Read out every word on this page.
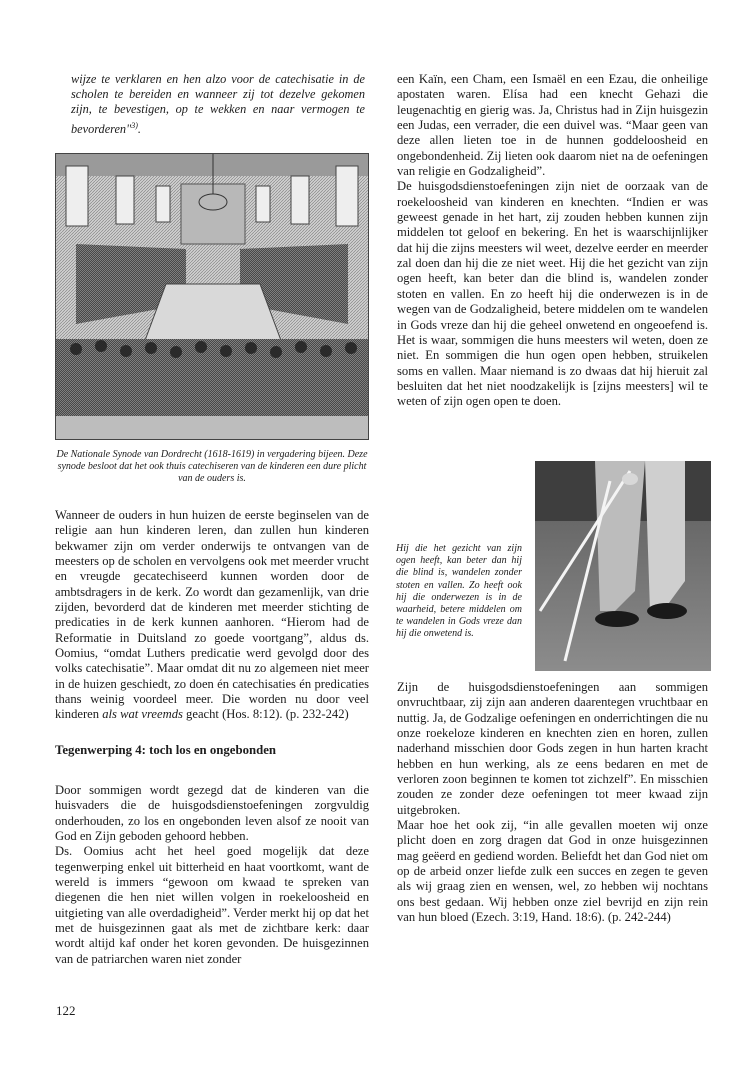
wijze te verklaren en hen alzo voor de catechisatie in de scholen te bereiden en wanneer zij tot dezelve gekomen zijn, te bevestigen, op te wekken en naar vermogen te bevorderen"$^{3)}$.

De Nationale Synode van Dordrecht (1618-1619) in vergadering bijeen. Deze synode besloot dat het ook thuis catechiseren van de kinderen een dure plicht van de ouders is.

Wanneer de ouders in hun huizen de eerste beginselen van de religie aan hun kinderen leren, dan zullen hun kinderen bekwamer zijn om verder onderwijs te ontvangen van de meesters op de scholen en vervolgens ook met meerder vrucht en vreugde gecatechiseerd kunnen worden door de ambtsdragers in de kerk. Zo wordt dan gezamenlijk, van drie zijden, bevorderd dat de kinderen met meerder stichting de predicaties in de kerk kunnen aanhoren. “Hierom had de Reformatie in Duitsland zo goede voortgang”, aldus ds. Oomius, “omdat Luthers predicatie werd gevolgd door des volks catechisatie”. Maar omdat dit nu zo algemeen niet meer in de huizen geschiedt, zo doen én catechisaties én predicaties thans weinig voordeel meer. Die worden nu door veel kinderen als wat vreemds geacht (Hos. 8:12). (p. 232-242)

Tegenwerping 4: toch los en ongebonden

Door sommigen wordt gezegd dat de kinderen van die huisvaders die de huisgodsdienstoefeningen zorgvuldig onderhouden, zo los en ongebonden leven alsof ze nooit van God en Zijn geboden gehoord hebben.

Ds. Oomius acht het heel goed mogelijk dat deze tegenwerping enkel uit bitterheid en haat voortkomt, want de wereld is immers “gewoon om kwaad te spreken van diegenen die hen niet willen volgen in roekeloosheid en uitgieting van alle overdadigheid”. Verder merkt hij op dat het met de huisgezinnen gaat als met de zichtbare kerk: daar wordt altijd kaf onder het koren gevonden. De huisgezinnen van de patriarchen waren niet zonder

een Kaïn, een Cham, een Ismaël en een Ezau, die onheilige apostaten waren. Elísa had een knecht Gehazi die leugenachtig en gierig was. Ja, Christus had in Zijn huisgezin een Judas, een verrader, die een duivel was. “Maar geen van deze allen lieten toe in de hunnen goddeloosheid en ongebondenheid. Zij lieten ook daarom niet na de oefeningen van religie en Godzaligheid”.

De huisgodsdienstoefeningen zijn niet de oorzaak van de roekeloosheid van kinderen en knechten. “Indien er was geweest genade in het hart, zij zouden hebben kunnen zijn middelen tot geloof en bekering. En het is waarschijnlijker dat hij die zijns meesters wil weet, dezelve eerder en meerder zal doen dan hij die ze niet weet. Hij die het gezicht van zijn ogen heeft, kan beter dan die blind is, wandelen zonder stoten en vallen. En zo heeft hij die onderwezen is in de wegen van de Godzaligheid, betere middelen om te wandelen in Gods vreze dan hij die geheel onwetend en ongeoefend is. Het is waar, sommigen die huns meesters wil weten, doen ze niet. En sommigen die hun ogen open hebben, struikelen soms en vallen. Maar niemand is zo dwaas dat hij hieruit zal besluiten dat het niet noodzakelijk is [zijns meesters] wil te weten of zijn ogen open te doen.

Hij die het gezicht van zijn ogen heeft, kan beter dan hij die blind is, wandelen zonder stoten en vallen. Zo heeft ook hij die onderwezen is in de waarheid, betere middelen om te wandelen in Gods vreze dan hij die onwetend is.

Zijn de huisgodsdienstoefeningen aan sommigen onvruchtbaar, zij zijn aan anderen daarentegen vruchtbaar en nuttig. Ja, de Godzalige oefeningen en onderrichtingen die nu onze roekeloze kinderen en knechten zien en horen, zullen naderhand misschien door Gods zegen in hun harten kracht hebben en hun werking, als ze eens bedaren en met de verloren zoon beginnen te komen tot zichzelf”. En misschien zouden ze zonder deze oefeningen tot meer kwaad zijn uitgebroken.

Maar hoe het ook zij, “in alle gevallen moeten wij onze plicht doen en zorg dragen dat God in onze huisgezinnen mag geëerd en gediend worden. Beliefdt het dan God niet om op de arbeid onzer liefde zulk een succes en zegen te geven als wij graag zien en wensen, wel, zo hebben wij nochtans ons best gedaan. Wij hebben onze ziel bevrijd en zijn rein van hun bloed (Ezech. 3:19, Hand. 18:6). (p. 242-244)

122
